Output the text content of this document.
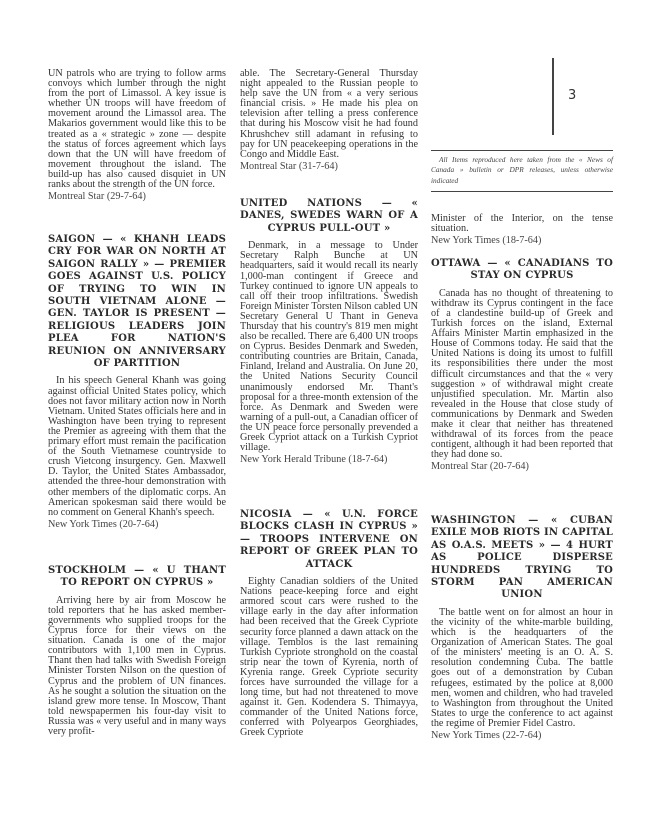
3

All Items reproduced here taken from the « News of Canada » bulletin or DPR releases, unless otherwise indicated

UN patrols who are trying to follow arms convoys which lumber through the night from the port of Limassol. A key issue is whether UN troops will have freedom of movement around the Limassol area. The Makarios government would like this to be treated as a « strategic » zone — despite the status of forces agreement which lays down that the UN will have freedom of movement throughout the island. The build-up has also caused disquiet in UN ranks about the strength of the UN force.

Montreal Star (29-7-64)
SAIGON — « KHANH LEADS CRY FOR WAR ON NORTH AT SAIGON RALLY » — PREMIER GOES AGAINST U.S. POLICY OF TRYING TO WIN IN SOUTH VIETNAM ALONE — GEN. TAYLOR IS PRESENT — RELIGIOUS LEADERS JOIN PLEA FOR NATION'S REUNION ON ANNIVERSARY OF PARTITION

In his speech General Khanh was going against official United States policy, which does not favor military action now in North Vietnam. United States officials here and in Washington have been trying to represent the Premier as agreeing with them that the primary effort must remain the pacification of the South Vietnamese countryside to crush Vietcong insurgency. Gen. Maxwell D. Taylor, the United States Ambassador, attended the three-hour demonstration with other members of the diplomatic corps. An American spokesman said there would be no comment on General Khanh's speech.

New York Times (20-7-64)
STOCKHOLM — « U THANT TO REPORT ON CYPRUS »

Arriving here by air from Moscow he told reporters that he has asked member-governments who supplied troops for the Cyprus force for their views on the situation. Canada is one of the major contributors with 1,100 men in Cyprus. Thant then had talks with Swedish Foreign Minister Torsten Nilson on the question of Cyprus and the problem of UN finances. As he sought a solution the situation on the island grew more tense. In Moscow, Thant told newspapermen his four-day visit to Russia was « very useful and in many ways very profit-

able. The Secretary-General Thursday night appealed to the Russian people to help save the UN from « a very serious financial crisis. » He made his plea on television after telling a press conference that during his Moscow visit he had found Khrushchev still adamant in refusing to pay for UN peacekeeping operations in the Congo and Middle East.

Montreal Star (31-7-64)
UNITED NATIONS — « DANES, SWEDES WARN OF A CYPRUS PULL-OUT »

Denmark, in a message to Under Secretary Ralph Bunche at UN headquarters, said it would recall its nearly 1,000-man contingent if Greece and Turkey continued to ignore UN appeals to call off their troop infiltrations. Swedish Foreign Minister Torsten Nilson cabled UN Secretary General U Thant in Geneva Thursday that his country's 819 men might also be recalled. There are 6,400 UN troops on Cyprus. Besides Denmark and Sweden, contributing countries are Britain, Canada, Finland, Ireland and Australia. On June 20, the United Nations Security Council unanimously endorsed Mr. Thant's proposal for a three-month extension of the force. As Denmark and Sweden were warning of a pull-out, a Canadian officer of the UN peace force personally prevended a Greek Cypriot attack on a Turkish Cypriot village.

New York Herald Tribune (18-7-64)
NICOSIA — « U.N. FORCE BLOCKS CLASH IN CYPRUS » — TROOPS INTERVENE ON REPORT OF GREEK PLAN TO ATTACK

Eighty Canadian soldiers of the United Nations peace-keeping force and eight armored scout cars were rushed to the village early in the day after information had been received that the Greek Cypriote security force planned a dawn attack on the village. Temblos is the last remaining Turkish Cypriote stronghold on the coastal strip near the town of Kyrenia, north of Kyrenia range. Greek Cypriote security forces have surrounded the village for a long time, but had not threatened to move against it. Gen. Kodendera S. Thimayya, commander of the United Nations force, conferred with Polyearpos Georghiades, Greek Cypriote

Minister of the Interior, on the tense situation.

New York Times (18-7-64)
OTTAWA — « CANADIANS TO STAY ON CYPRUS

Canada has no thought of threatening to withdraw its Cyprus contingent in the face of a clandestine build-up of Greek and Turkish forces on the island, External Affairs Minister Martin emphasized in the House of Commons today. He said that the United Nations is doing its umost to fulfill its responsibilities there under the most difficult circumstances and that the « very suggestion » of withdrawal might create unjustified speculation. Mr. Martin also revealed in the House that close study of communications by Denmark and Sweden make it clear that neither has threatened withdrawal of its forces from the peace contigent, although it had been reported that they had done so.

Montreal Star (20-7-64)
WASHINGTON — « CUBAN EXILE MOB RIOTS IN CAPITAL AS O.A.S. MEETS » — 4 HURT AS POLICE DISPERSE HUNDREDS TRYING TO STORM PAN AMERICAN UNION

The battle went on for almost an hour in the vicinity of the white-marble building, which is the headquarters of the Organization of American States. The goal of the ministers' meeting is an O. A. S. resolution condemning Cuba. The battle goes out of a demonstration by Cuban refugees, estimated by the police at 8,000 men, women and children, who had traveled to Washington from throughout the United States to urge the conference to act against the regime of Premier Fidel Castro.

New York Times (22-7-64)
